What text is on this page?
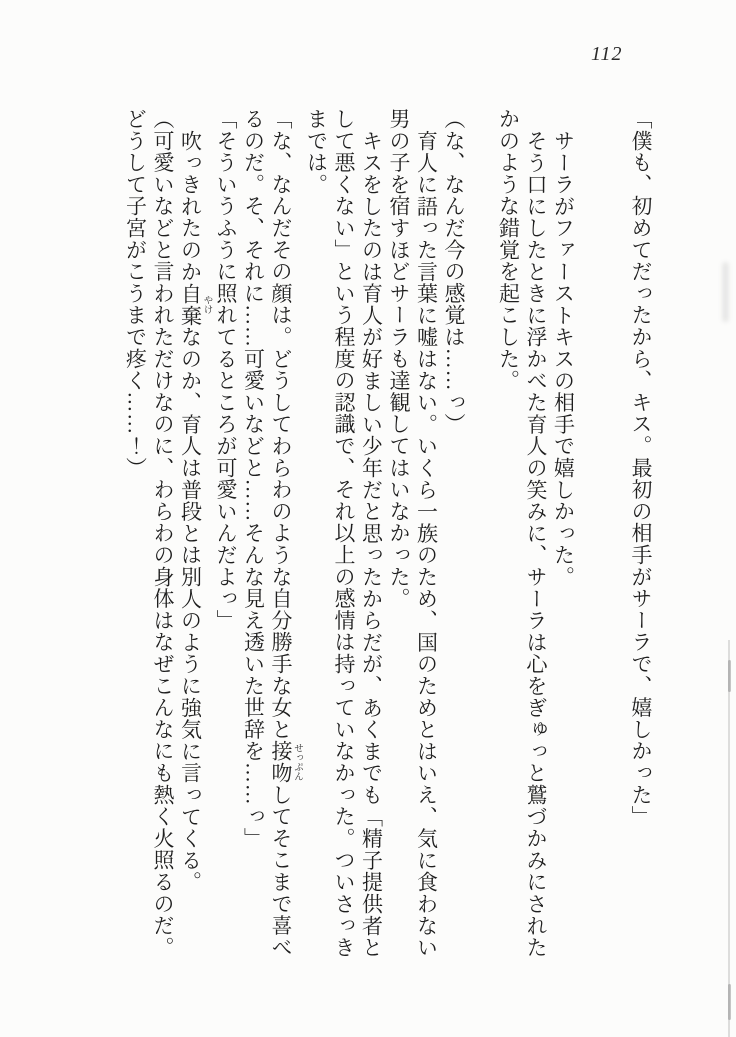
112

「僕も、初めてだったから、キス。最初の相手がサーラで、嬉しかった」

サーラがファーストキスの相手で嬉しかった。

そう口にしたときに浮かべた育人の笑みに、サーラは心をぎゅっと鷲づかみにされたかのような錯覚を起こした。

（な、なんだ今の感覚は……っ）

育人に語った言葉に嘘はない。いくら一族のため、国のためとはいえ、気に食わない男の子を宿すほどサーラも達観してはいなかった。

キスをしたのは育人が好ましい少年だと思ったからだが、あくまでも「精子提供者として悪くない」という程度の認識で、それ以上の感情は持っていなかった。ついさっきまでは。

「な、なんだその顔は。どうしてわらわのような自分勝手な女と接吻 せっぷんしてそこまで喜べるのだ。そ、それに……可愛いなどと……そんな見え透いた世辞を……っ」

「そういうふうに照れてるところが可愛いんだよっ」

吹っきれたのか自棄 やけなのか、育人は普段とは別人のように強気に言ってくる。

（可愛いなどと言われただけなのに、わらわの身体はなぜこんなにも熱く火照るのだ。どうして子宮がこうまで疼く……！）
